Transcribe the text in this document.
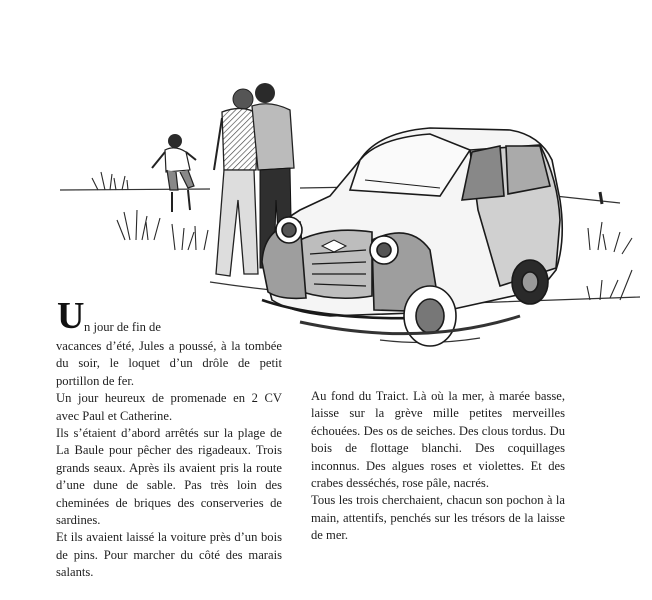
U n jour de fin de
vacances d’été, Jules a poussé, à la tombée du soir, le loquet d’un drôle de petit portillon de fer.

Un jour heureux de promenade en 2 CV avec Paul et Catherine.

Ils s’étaient d’abord arrêtés sur la plage de La Baule pour pêcher des rigadeaux. Trois grands seaux. Après ils avaient pris la route d’une dune de sable. Pas très loin des cheminées de briques des conserveries de sardines.

Et ils avaient laissé la voiture près d’un bois de pins. Pour marcher du côté des marais salants.

Au fond du Traict. Là où la mer, à marée basse, laisse sur la grève mille petites merveilles échouées. Des os de seiches. Des clous tordus. Du bois de flottage blanchi. Des coquillages inconnus. Des algues roses et violettes. Et des crabes desséchés, rose pâle, nacrés.

Tous les trois cherchaient, chacun son pochon à la main, attentifs, penchés sur les trésors de la laisse de mer.
